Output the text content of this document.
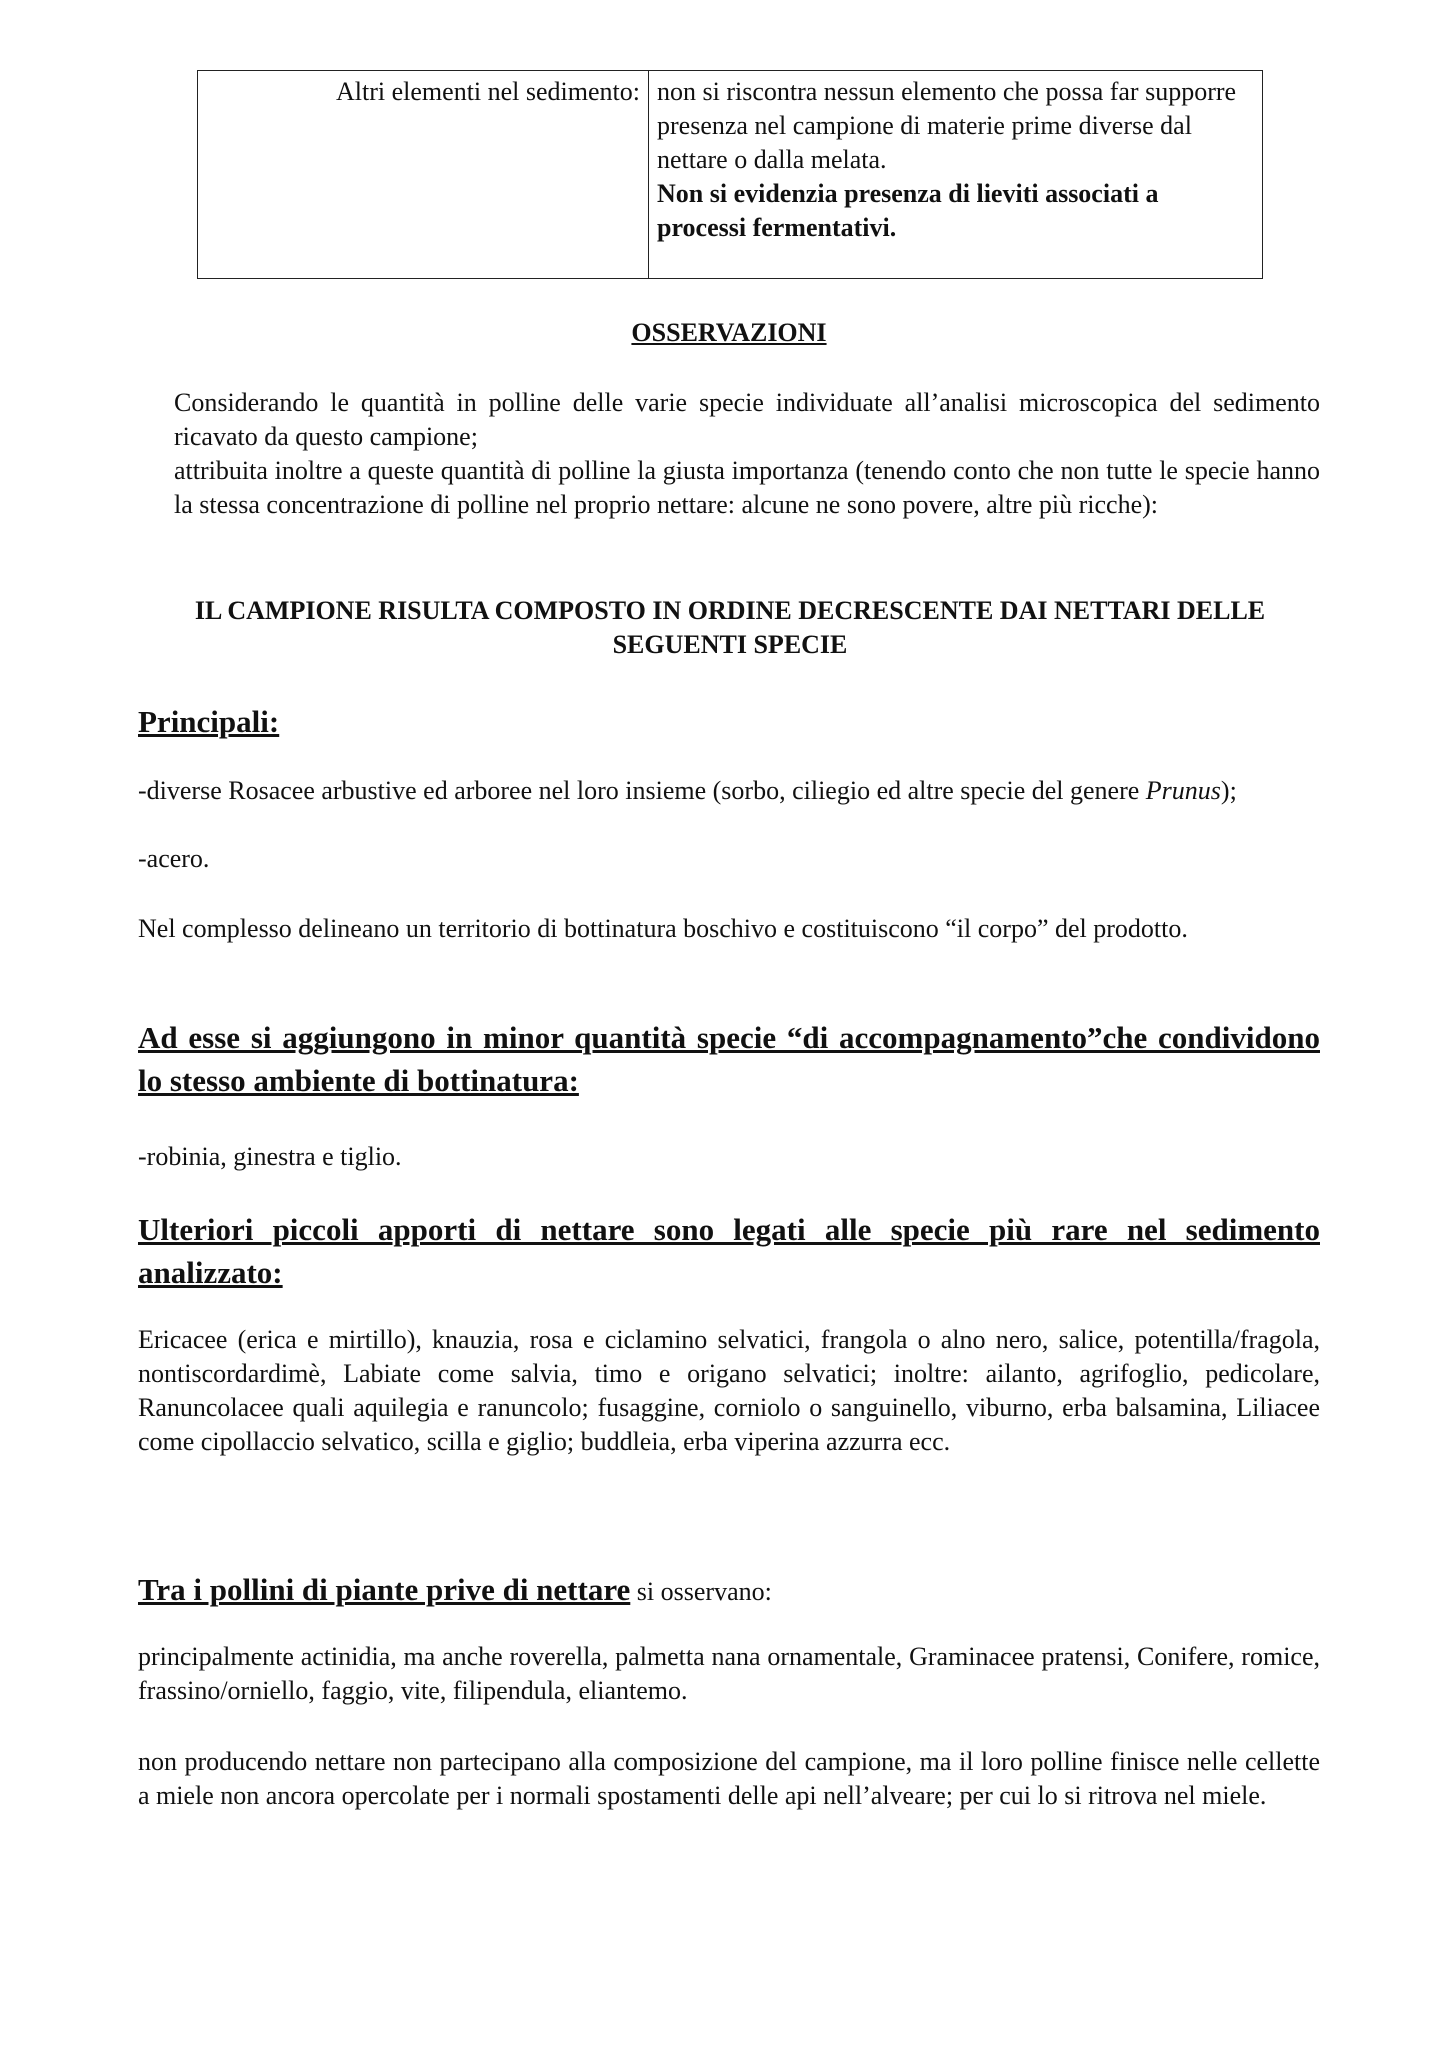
Altri elementi nel sedimento:	non si riscontra nessun elemento che possa far supporre presenza nel campione di materie prime diverse dal nettare o dalla melata.

Non si evidenzia presenza di lieviti associati a processi fermentativi.

OSSERVAZIONI
Considerando le quantità in polline delle varie specie individuate all’analisi microscopica del sedimento ricavato da questo campione;
attribuita inoltre a queste quantità di polline la giusta importanza (tenendo conto che non tutte le specie hanno la stessa concentrazione di polline nel proprio nettare: alcune ne sono povere, altre più ricche):
IL CAMPIONE RISULTA COMPOSTO IN ORDINE DECRESCENTE DAI NETTARI DELLE SEGUENTI SPECIE
Principali:
-diverse Rosacee arbustive ed arboree nel loro insieme (sorbo, ciliegio ed altre specie del genere Prunus);
-acero.
Nel complesso delineano un territorio di bottinatura boschivo e costituiscono “il corpo” del prodotto.
Ad esse si aggiungono in minor quantità specie “di accompagnamento”che condividono lo stesso ambiente di bottinatura:
-robinia, ginestra e tiglio.
Ulteriori piccoli apporti di nettare sono legati alle specie più rare nel sedimento analizzato:
Ericacee (erica e mirtillo), knauzia, rosa e ciclamino selvatici, frangola o alno nero, salice, potentilla/fragola, nontiscordardimè, Labiate come salvia, timo e origano selvatici; inoltre: ailanto, agrifoglio, pedicolare, Ranuncolacee quali aquilegia e ranuncolo; fusaggine, corniolo o sanguinello, viburno, erba balsamina, Liliacee come cipollaccio selvatico, scilla e giglio; buddleia, erba viperina azzurra ecc.
Tra i pollini di piante prive di nettare si osservano:
principalmente actinidia, ma anche roverella, palmetta nana ornamentale, Graminacee pratensi, Conifere, romice, frassino/orniello, faggio, vite, filipendula, eliantemo.
non producendo nettare non partecipano alla composizione del campione, ma il loro polline finisce nelle cellette a miele non ancora opercolate per i normali spostamenti delle api nell’alveare; per cui lo si ritrova nel miele.
